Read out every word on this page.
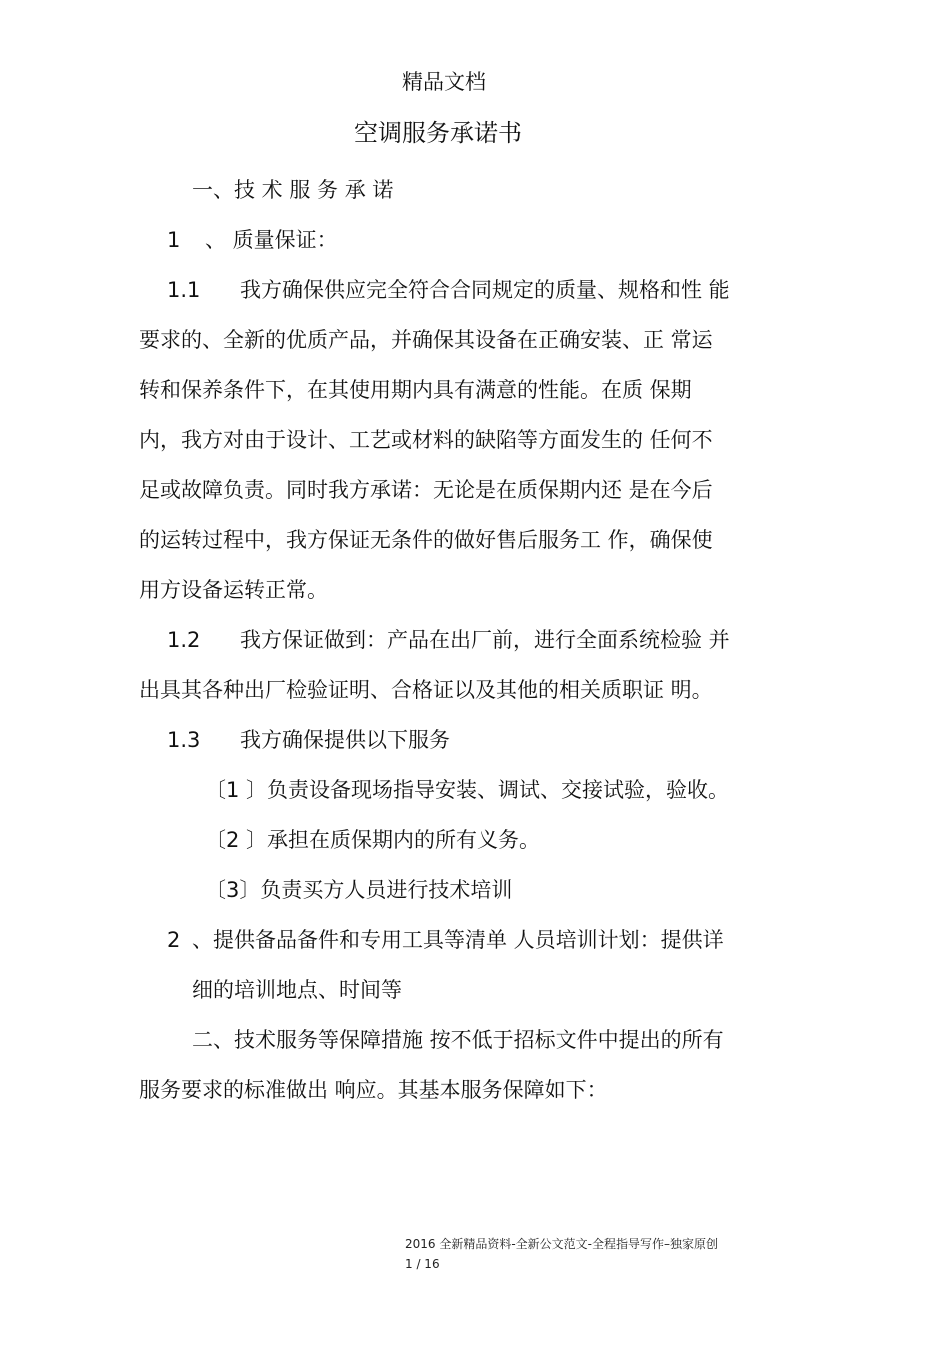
精品文档
空调服务承诺书
一、技 术 服 务 承 诺
1 、 质量保证：
1.1 我方确保供应完全符合合同规定的质量、规格和性 能
要求的、全新的优质产品，并确保其设备在正确安装、正 常运
转和保养条件下，在其使用期内具有满意的性能。在质 保期
内，我方对由于设计、工艺或材料的缺陷等方面发生的 任何不
足或故障负责。同时我方承诺：无论是在质保期内还 是在今后
的运转过程中，我方保证无条件的做好售后服务工 作，确保使
用方设备运转正常。
1.2 我方保证做到：产品在出厂前，进行全面系统检验 并
出具其各种出厂检验证明、合格证以及其他的相关质职证 明。
1.3 我方确保提供以下服务
〔1 〕负责设备现场指导安装、调试、交接试验，验收。
〔2 〕承担在质保期内的所有义务。
〔3〕负责买方人员进行技术培训
2 、提供备品备件和专用工具等清单 人员培训计划：提供详
细的培训地点、时间等
二、技术服务等保障措施 按不低于招标文件中提出的所有
服务要求的标准做出 响应。其基本服务保障如下：
2016 全新精品资料-全新公文范文-全程指导写作–独家原创
1 / 16
